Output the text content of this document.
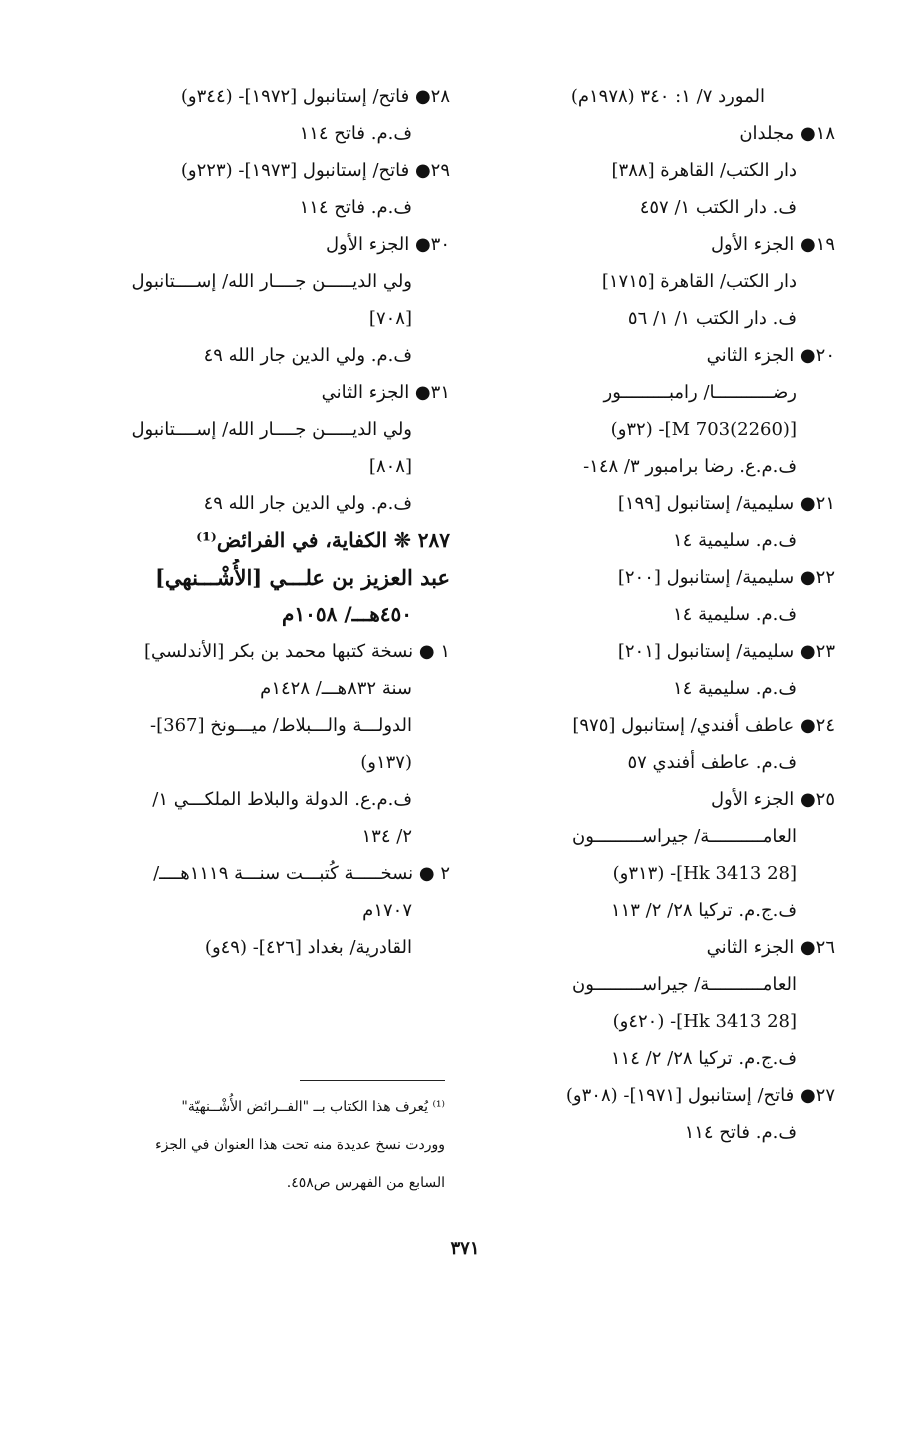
المورد ٧/ ١: ٣٤٠ (١٩٧٨م)
١٨● مجلدان
دار الكتب/ القاهرة [٣٨٨]
ف. دار الكتب ١/ ٤٥٧
١٩● الجزء الأول
دار الكتب/ القاهرة [١٧١٥]
ف. دار الكتب ١/ ١/ ٥٦
٢٠● الجزء الثاني
رضـــــــــــا/ رامبـــــــــور
[M 703(2260)]- (٣٢و)
ف.م.ع. رضا برامبور ٣/ ١٤٨-
٢١● سليمية/ إستانبول [١٩٩]
ف.م. سليمية ١٤
٢٢● سليمية/ إستانبول [٢٠٠]
ف.م. سليمية ١٤
٢٣● سليمية/ إستانبول [٢٠١]
ف.م. سليمية ١٤
٢٤● عاطف أفندي/ إستانبول [٩٧٥]
ف.م. عاطف أفندي ٥٧
٢٥● الجزء الأول
العامــــــــــة/ جيراســـــــــون
[28 Hk 3413]- (٣١٣و)
ف.ج.م. تركيا ٢٨/ ٢/ ١١٣
٢٦● الجزء الثاني
العامــــــــــة/ جيراســـــــــون
[28 Hk 3413]- (٤٢٠و)
ف.ج.م. تركيا ٢٨/ ٢/ ١١٤
٢٧● فاتح/ إستانبول [١٩٧١]- (٣٠٨و)
ف.م. فاتح ١١٤
٢٨● فاتح/ إستانبول [١٩٧٢]- (٣٤٤و)
ف.م. فاتح ١١٤
٢٩● فاتح/ إستانبول [١٩٧٣]- (٢٢٣و)
ف.م. فاتح ١١٤
٣٠● الجزء الأول
ولي الديـــــن جــــار الله/ إســــتانبول
[٧٠٨]
ف.م. ولي الدين جار الله ٤٩
٣١● الجزء الثاني
ولي الديـــــن جــــار الله/ إســــتانبول
[٨٠٨]
ف.م. ولي الدين جار الله ٤٩
٢٨٧ ❊ الكفاية، في الفرائض⁽¹⁾
عبد العزيز بن علـــي [الأُشْـــنهي]
٤٥٠هـــ/ ١٠٥٨م
١ ● نسخة كتبها محمد بن بكر [الأندلسي]
سنة ٨٣٢هـــ/ ١٤٢٨م
الدولـــة والـــبلاط/ ميـــونخ [367]-
(١٣٧و)
ف.م.ع. الدولة والبلاط الملكـــي ١/
٢/ ١٣٤
٢ ● نسخـــــة كُتبـــت سنـــة ١١١٩هــــ/
١٧٠٧م
القادرية/ بغداد [٤٢٦]- (٤٩و)
⁽¹⁾ يُعرف هذا الكتاب بــ "الفــرائض الأُشْــنهيّة"
ووردت نسخ عديدة منه تحت هذا العنوان في الجزء
السابع من الفهرس ص٤٥٨.
٣٧١
